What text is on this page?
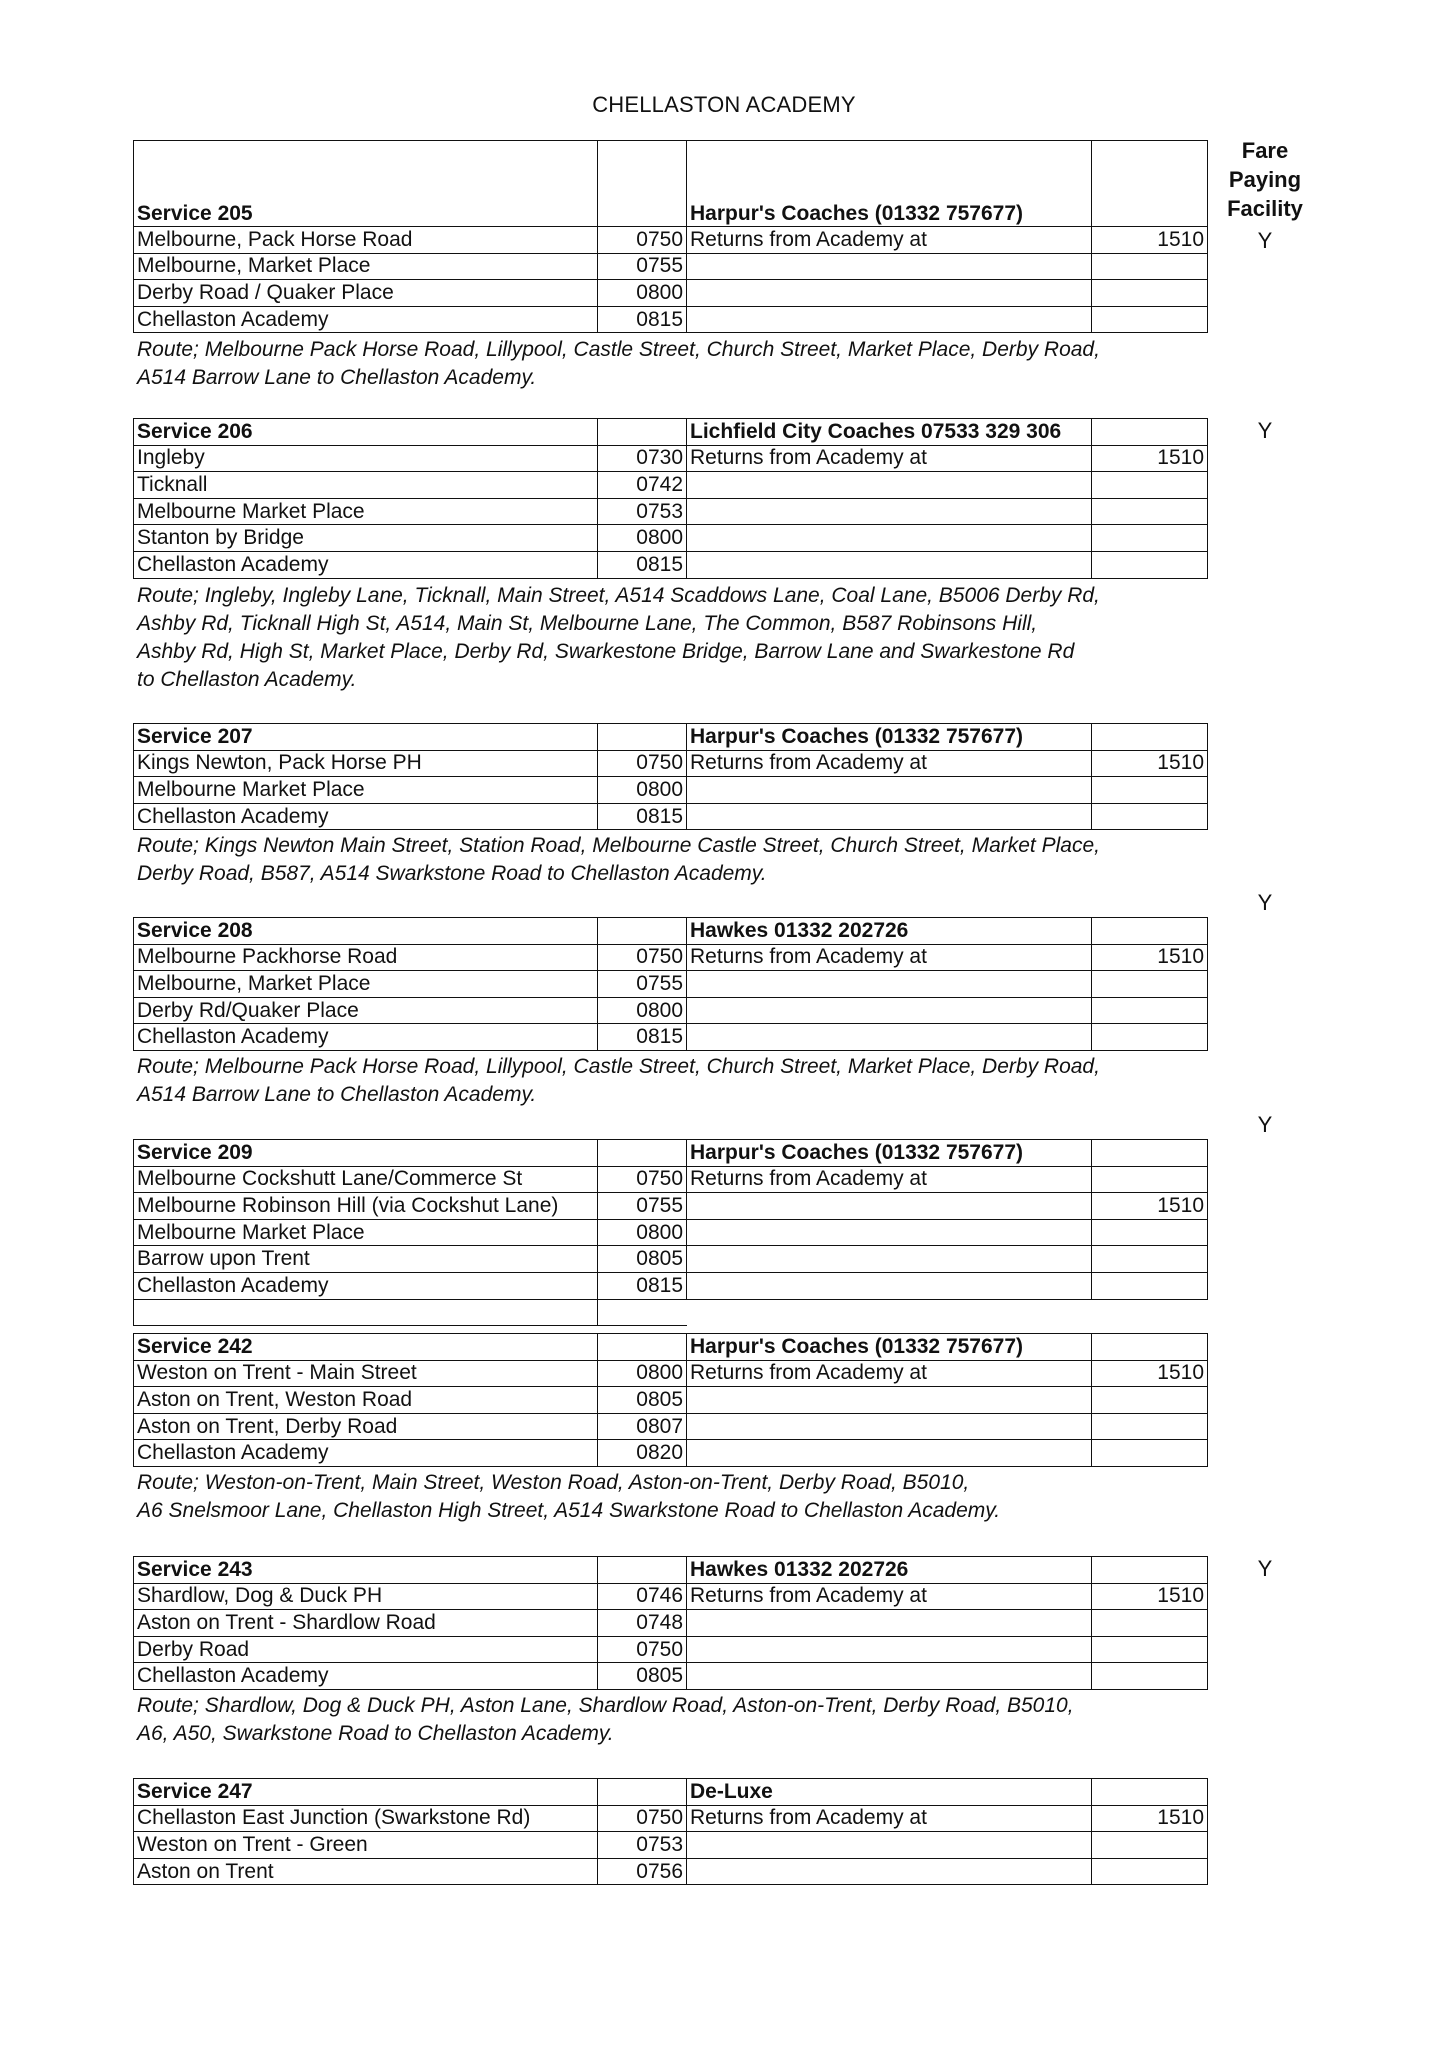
CHELLASTON ACADEMY
Fare
Paying
Facility
Service 205		Harpur's Coaches (01332 757677)	
Melbourne, Pack Horse Road	0750	Returns from Academy at	1510
Melbourne, Market Place	0755		
Derby Road / Quaker Place	0800		
Chellaston Academy	0815		
Route; Melbourne Pack Horse Road, Lillypool, Castle Street, Church Street, Market Place, Derby Road,
A514 Barrow Lane to Chellaston Academy.
Y
Service 206		Lichfield City Coaches 07533 329 306	
Ingleby	0730	Returns from Academy at	1510
Ticknall	0742		
Melbourne Market Place	0753		
Stanton by Bridge	0800		
Chellaston Academy	0815		
Route; Ingleby, Ingleby Lane, Ticknall, Main Street, A514 Scaddows Lane, Coal Lane, B5006 Derby Rd,
Ashby Rd, Ticknall High St, A514, Main St, Melbourne Lane, The Common, B587 Robinsons Hill,
Ashby Rd, High St, Market Place, Derby Rd, Swarkestone Bridge, Barrow Lane and Swarkestone Rd
to Chellaston Academy.
Y
Service 207		Harpur's Coaches (01332 757677)	
Kings Newton, Pack Horse PH	0750	Returns from Academy at	1510
Melbourne Market Place	0800		
Chellaston Academy	0815		
Route; Kings Newton Main Street, Station Road, Melbourne Castle Street, Church Street, Market Place,
Derby Road, B587, A514 Swarkstone Road to Chellaston Academy.
Service 208		Hawkes 01332 202726	
Melbourne Packhorse Road	0750	Returns from Academy at	1510
Melbourne, Market Place	0755		
Derby Rd/Quaker Place	0800		
Chellaston Academy	0815		
Route; Melbourne Pack Horse Road, Lillypool, Castle Street, Church Street, Market Place, Derby Road,
A514 Barrow Lane to Chellaston Academy.
Y
Service 209		Harpur's Coaches (01332 757677)	
Melbourne Cockshutt Lane/Commerce St	0750	Returns from Academy at	
Melbourne Robinson Hill (via Cockshut Lane)	0755		1510
Melbourne Market Place	0800		
Barrow upon Trent	0805		
Chellaston Academy	0815		

Y
Service 242		Harpur's Coaches (01332 757677)	
Weston on Trent - Main Street	0800	Returns from Academy at	1510
Aston on Trent, Weston Road	0805		
Aston on Trent, Derby Road	0807		
Chellaston Academy	0820		
Route; Weston-on-Trent, Main Street, Weston Road, Aston-on-Trent, Derby Road, B5010,
A6 Snelsmoor Lane, Chellaston High Street, A514 Swarkstone Road to Chellaston Academy.
Service 243		Hawkes 01332 202726	
Shardlow, Dog & Duck PH	0746	Returns from Academy at	1510
Aston on Trent - Shardlow Road	0748		
Derby Road	0750		
Chellaston Academy	0805		
Route; Shardlow, Dog & Duck PH, Aston Lane, Shardlow Road, Aston-on-Trent, Derby Road, B5010,
A6, A50, Swarkstone Road to Chellaston Academy.
Y
Service 247		De-Luxe	
Chellaston East Junction (Swarkstone Rd)	0750	Returns from Academy at	1510
Weston on Trent - Green	0753		
Aston on Trent	0756		
